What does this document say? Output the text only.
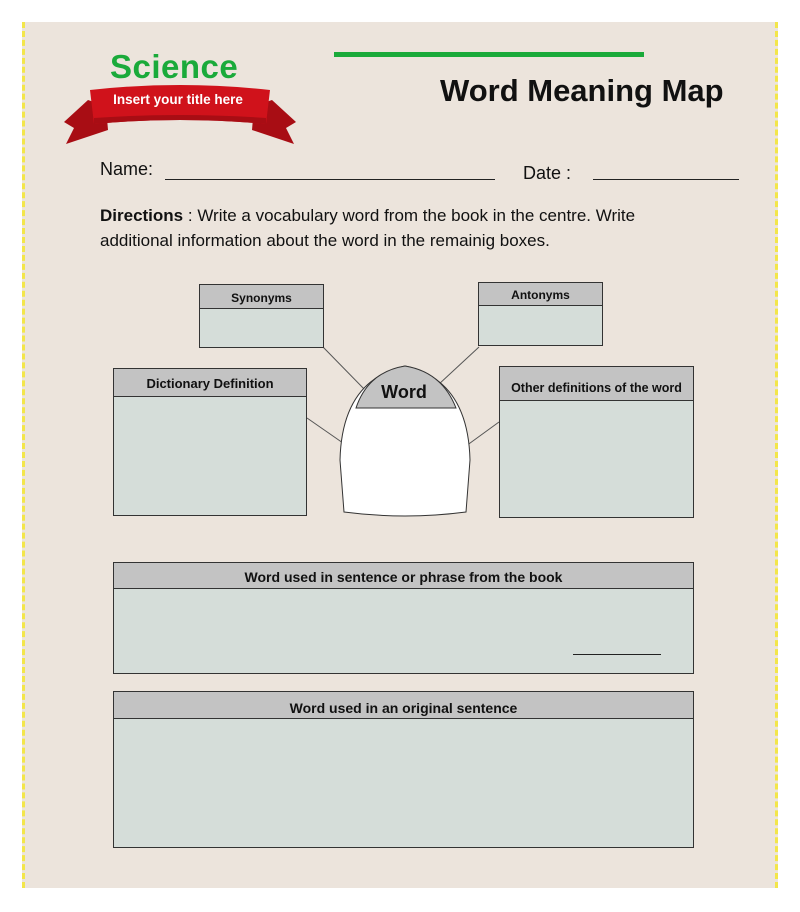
Science
Insert your title here	Word Meaning Map
Name:	Date :
Directions : Write a vocabulary word from the book in the centre. Write additional information about the word in the remainig boxes.
Word
Synonyms	Antonyms
Dictionary Definition	Other definitions of the word
Word used in sentence or phrase from the book
Word used in an original sentence
